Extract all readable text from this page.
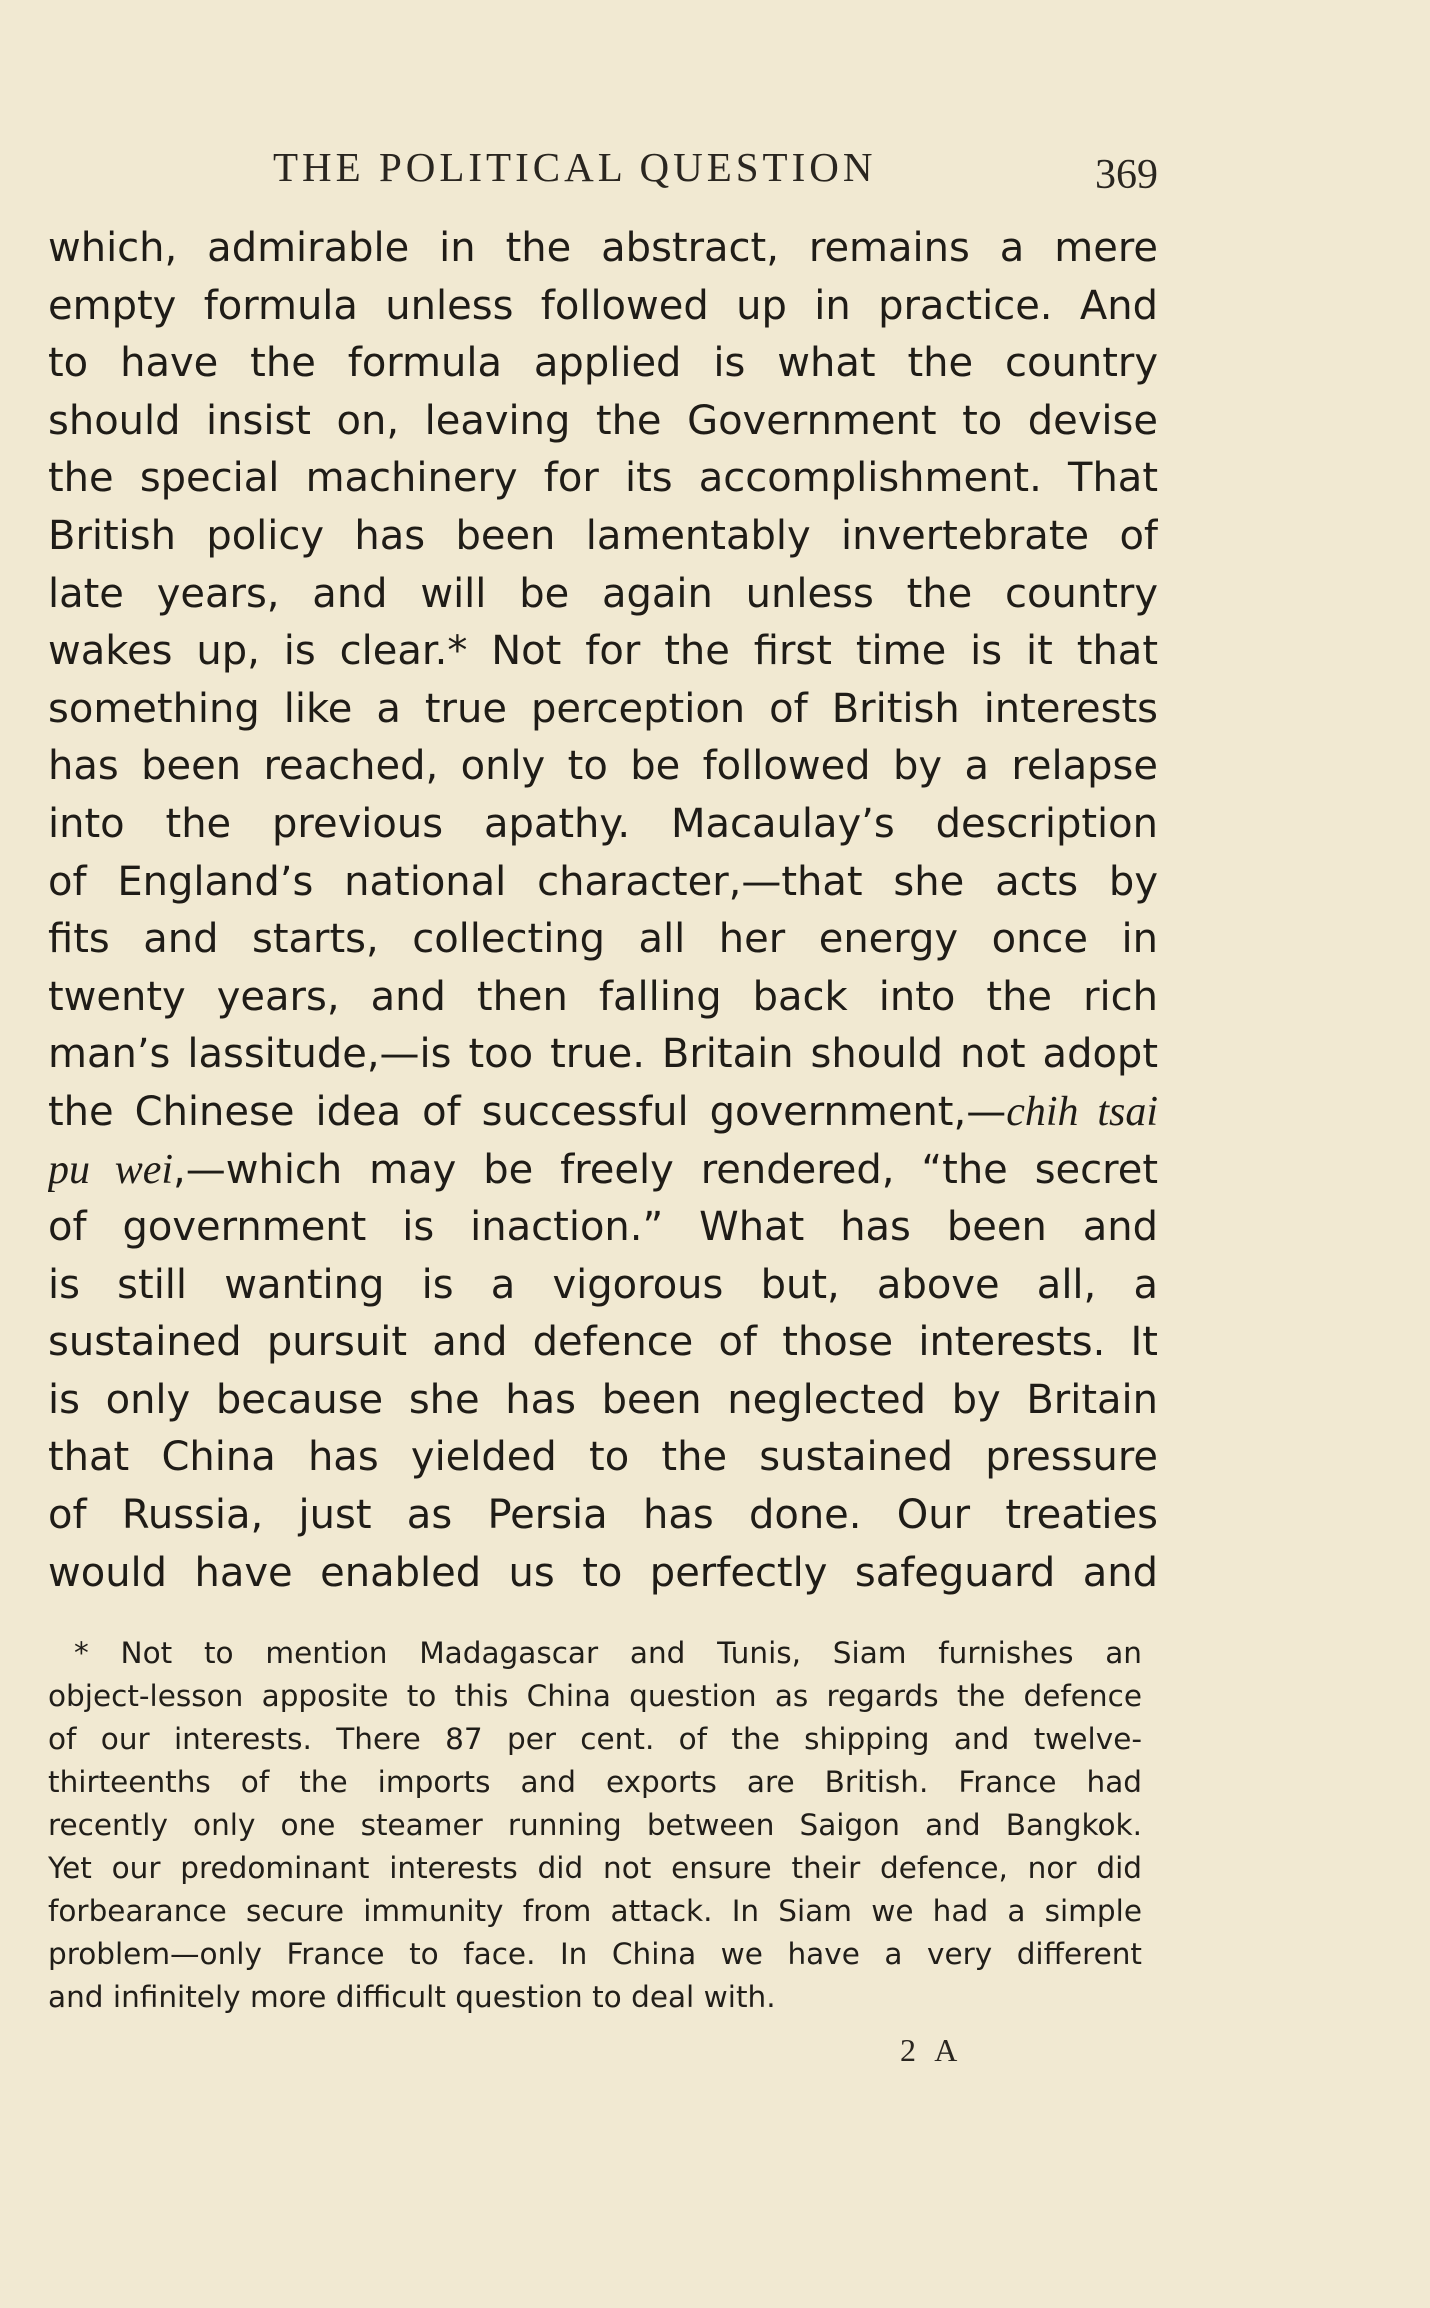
THE POLITICAL QUESTION	369
which, admirable in the abstract, remains a mere
empty formula unless followed up in practice. And
to have the formula applied is what the country
should insist on, leaving the Government to devise
the special machinery for its accomplishment. That
British policy has been lamentably invertebrate of
late years, and will be again unless the country
wakes up, is clear.* Not for the first time is it that
something like a true perception of British interests
has been reached, only to be followed by a relapse
into the previous apathy. Macaulay’s description
of England’s national character,—that she acts by
fits and starts, collecting all her energy once in
twenty years, and then falling back into the rich
man’s lassitude,—is too true. Britain should not adopt
the Chinese idea of successful government,—chih tsai
pu wei,—which may be freely rendered, “the secret
of government is inaction.” What has been and
is still wanting is a vigorous but, above all, a
sustained pursuit and defence of those interests. It
is only because she has been neglected by Britain
that China has yielded to the sustained pressure
of Russia, just as Persia has done. Our treaties
would have enabled us to perfectly safeguard and
* Not to mention Madagascar and Tunis, Siam furnishes an
object-lesson apposite to this China question as regards the defence
of our interests. There 87 per cent. of the shipping and twelve-
thirteenths of the imports and exports are British. France had
recently only one steamer running between Saigon and Bangkok.
Yet our predominant interests did not ensure their defence, nor did
forbearance secure immunity from attack. In Siam we had a simple
problem—only France to face. In China we have a very different
and infinitely more difficult question to deal with.
2 A
